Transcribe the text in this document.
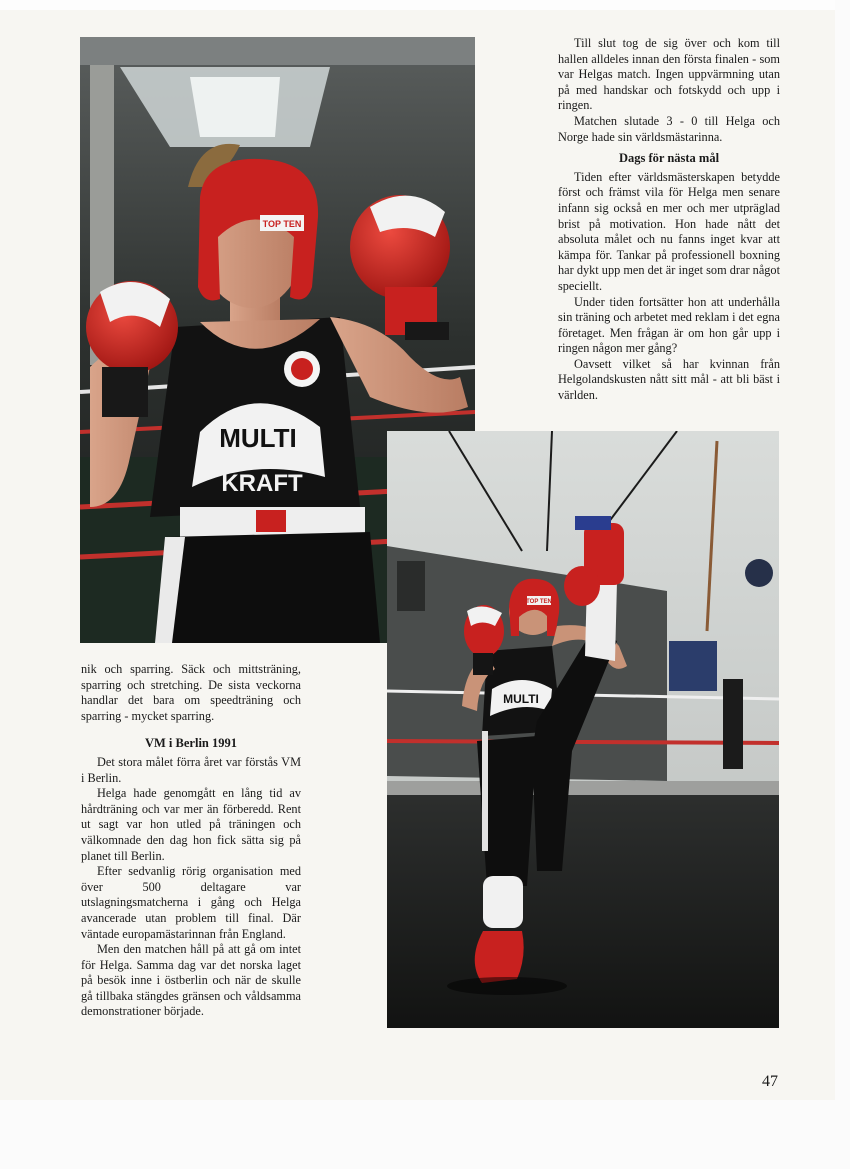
TOP TEN
MULTI
KRAFT
TOP TEN
MULTI

Till slut tog de sig över och kom till hallen alldeles innan den första finalen - som var Helgas match. Ingen uppvärmning utan på med handskar och fotskydd och upp i ringen.

Matchen slutade 3 - 0 till Helga och Norge hade sin världsmästarinna.

Dags för nästa mål

Tiden efter världsmästerskapen betydde först och främst vila för Helga men senare infann sig också en mer och mer utpräglad brist på motivation. Hon hade nått det absoluta målet och nu fanns inget kvar att kämpa för. Tankar på professionell boxning har dykt upp men det är inget som drar något speciellt.

Under tiden fortsätter hon att underhålla sin träning och arbetet med reklam i det egna företaget. Men frågan är om hon går upp i ringen någon mer gång?

Oavsett vilket så har kvinnan från Helgolandskusten nått sitt mål - att bli bäst i världen.

nik och sparring. Säck och mittsträning, sparring och stretching. De sista veckorna handlar det bara om speedträning och sparring - mycket sparring.

VM i Berlin 1991

Det stora målet förra året var förstås VM i Berlin.

Helga hade genomgått en lång tid av hårdträning och var mer än förberedd. Rent ut sagt var hon utled på träningen och välkomnade den dag hon fick sätta sig på planet till Berlin.

Efter sedvanlig rörig organisation med över 500 deltagare var utslagningsmatcherna i gång och Helga avancerade utan problem till final. Där väntade europamästarinnan från England.

Men den matchen håll på att gå om intet för Helga. Samma dag var det norska laget på besök inne i östberlin och när de skulle gå tillbaka stängdes gränsen och våldsamma demonstrationer började.

47
